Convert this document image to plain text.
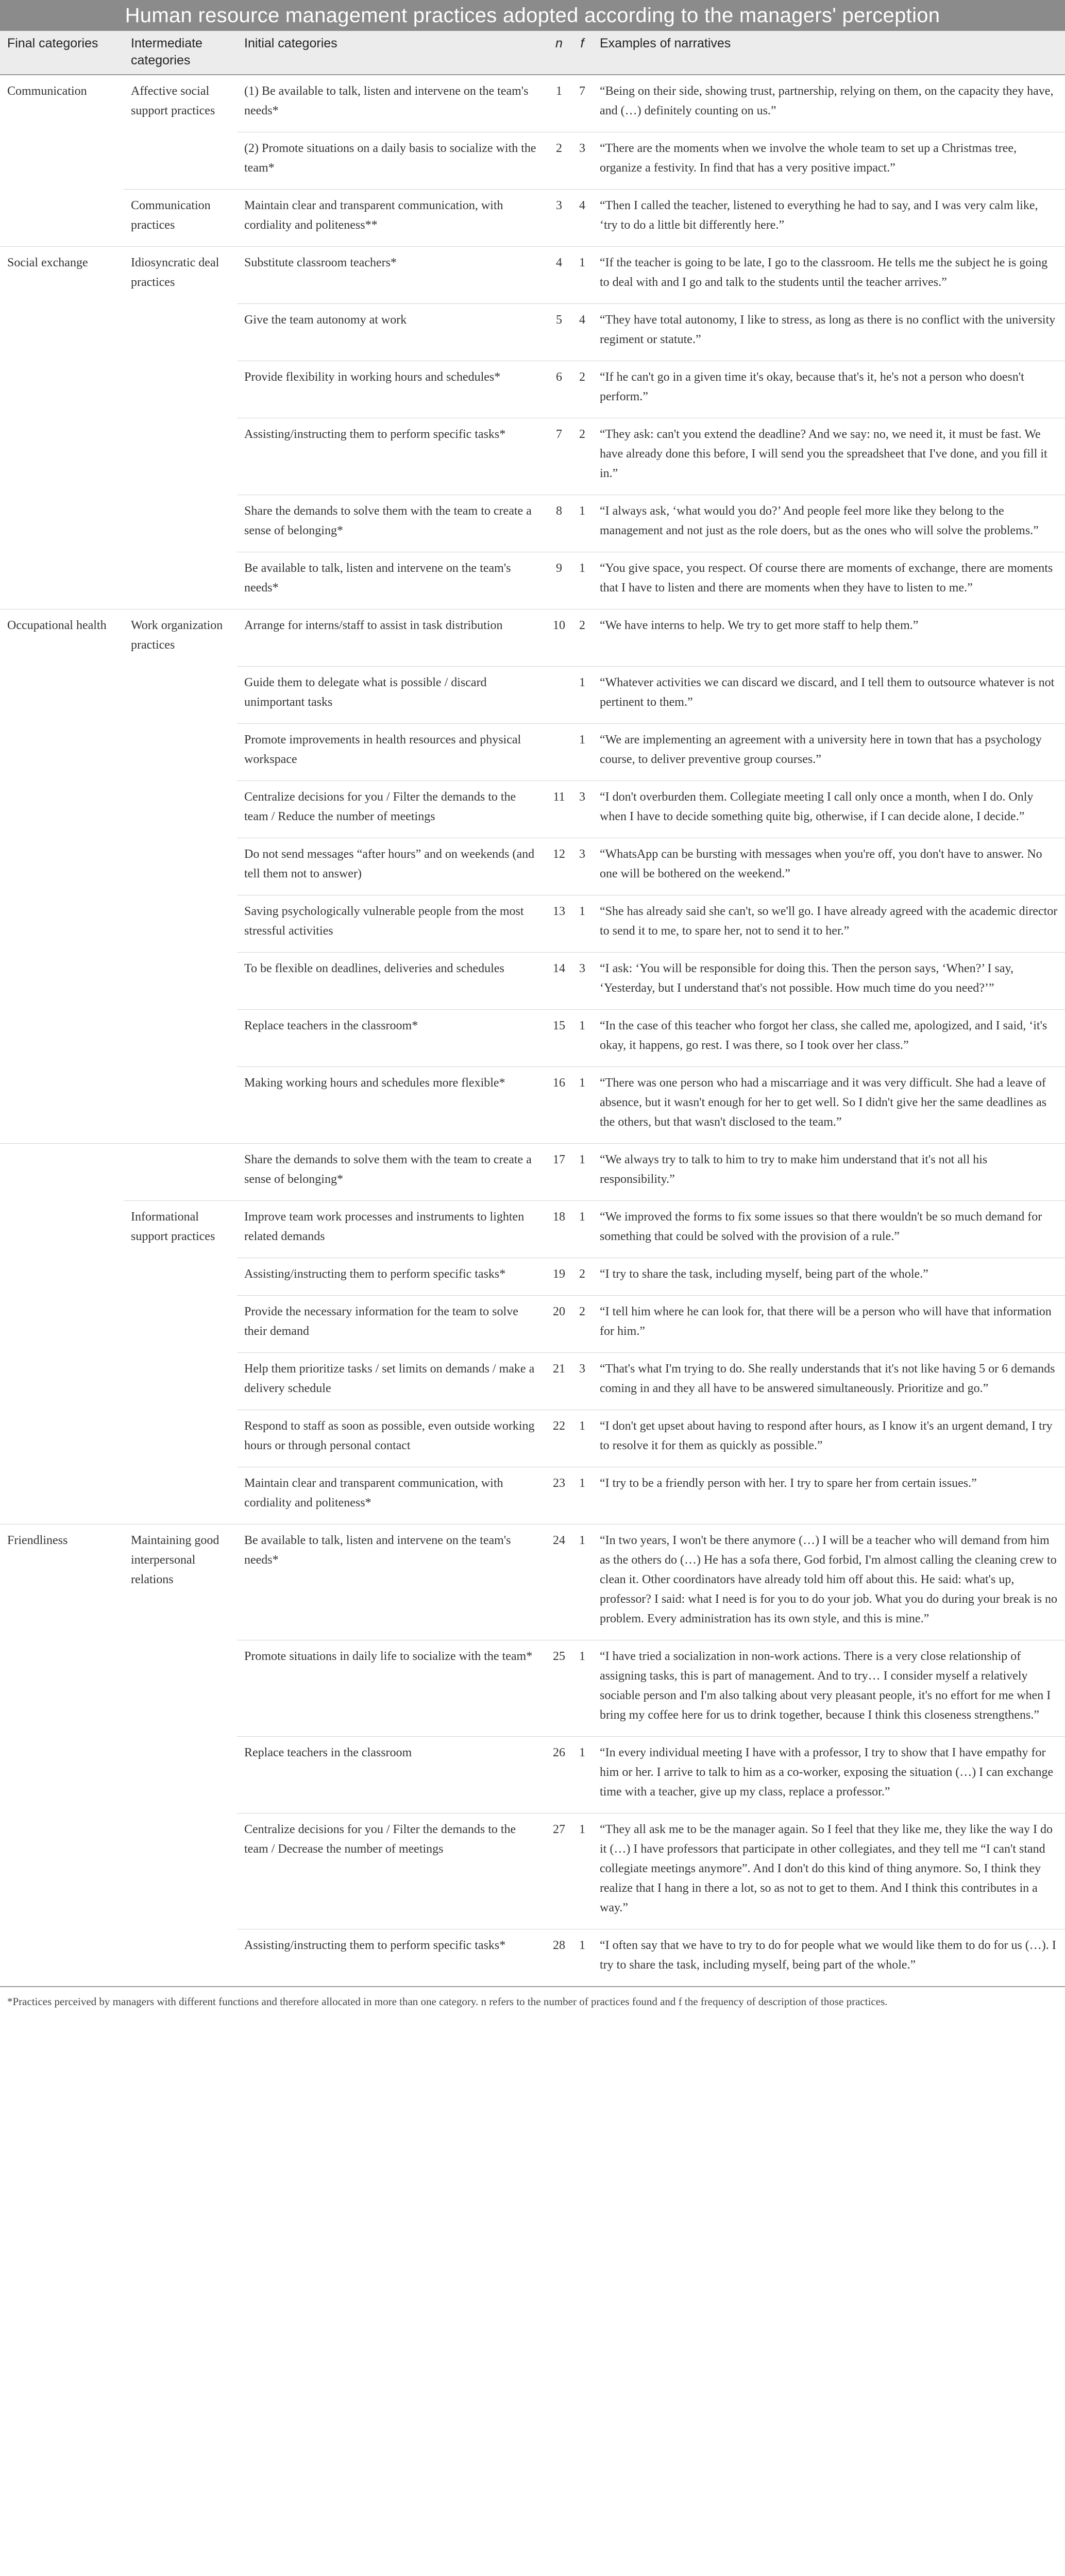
Human resource management practices adopted according to the managers' perception
Final categories	Intermediate categories	Initial categories	n	f	Examples of narratives
Communication	Affective social support practices	(1) Be available to talk, listen and intervene on the team's needs*	1	7	“Being on their side, showing trust, partnership, relying on them, on the capacity they have, and (…) definitely counting on us.”
		(2) Promote situations on a daily basis to socialize with the team*	2	3	“There are the moments when we involve the whole team to set up a Christmas tree, organize a festivity. In find that has a very positive impact.”
	Communication practices	Maintain clear and transparent communication, with cordiality and politeness**	3	4	“Then I called the teacher, listened to everything he had to say, and I was very calm like, ‘try to do a little bit differently here.”
Social exchange	Idiosyncratic deal practices	Substitute classroom teachers*	4	1	“If the teacher is going to be late, I go to the classroom. He tells me the subject he is going to deal with and I go and talk to the students until the teacher arrives.”
		Give the team autonomy at work	5	4	“They have total autonomy, I like to stress, as long as there is no conflict with the university regiment or statute.”
		Provide flexibility in working hours and schedules*	6	2	“If he can't go in a given time it's okay, because that's it, he's not a person who doesn't perform.”
		Assisting/instructing them to perform specific tasks*	7	2	“They ask: can't you extend the deadline? And we say: no, we need it, it must be fast. We have already done this before, I will send you the spreadsheet that I've done, and you fill it in.”
		Share the demands to solve them with the team to create a sense of belonging*	8	1	“I always ask, ‘what would you do?’ And people feel more like they belong to the management and not just as the role doers, but as the ones who will solve the problems.”
		Be available to talk, listen and intervene on the team's needs*	9	1	“You give space, you respect. Of course there are moments of exchange, there are moments that I have to listen and there are moments when they have to listen to me.”
Occupational health	Work organization practices	Arrange for interns/staff to assist in task distribution	10	2	“We have interns to help. We try to get more staff to help them.”
		Guide them to delegate what is possible / discard unimportant tasks		1	“Whatever activities we can discard we discard, and I tell them to outsource whatever is not pertinent to them.”
		Promote improvements in health resources and physical workspace		1	“We are implementing an agreement with a university here in town that has a psychology course, to deliver preventive group courses.”
		Centralize decisions for you / Filter the demands to the team / Reduce the number of meetings	11	3	“I don't overburden them. Collegiate meeting I call only once a month, when I do. Only when I have to decide something quite big, otherwise, if I can decide alone, I decide.”
		Do not send messages “after hours” and on weekends (and tell them not to answer)	12	3	“WhatsApp can be bursting with messages when you're off, you don't have to answer. No one will be bothered on the weekend.”
		Saving psychologically vulnerable people from the most stressful activities	13	1	“She has already said she can't, so we'll go. I have already agreed with the academic director to send it to me, to spare her, not to send it to her.”
		To be flexible on deadlines, deliveries and schedules	14	3	“I ask: ‘You will be responsible for doing this. Then the person says, ‘When?’ I say, ‘Yesterday, but I understand that's not possible. How much time do you need?’”
		Replace teachers in the classroom*	15	1	“In the case of this teacher who forgot her class, she called me, apologized, and I said, ‘it's okay, it happens, go rest. I was there, so I took over her class.”
		Making working hours and schedules more flexible*	16	1	“There was one person who had a miscarriage and it was very difficult. She had a leave of absence, but it wasn't enough for her to get well. So I didn't give her the same deadlines as the others, but that wasn't disclosed to the team.”
		Share the demands to solve them with the team to create a sense of belonging*	17	1	“We always try to talk to him to try to make him understand that it's not all his responsibility.”
	Informational support practices	Improve team work processes and instruments to lighten related demands	18	1	“We improved the forms to fix some issues so that there wouldn't be so much demand for something that could be solved with the provision of a rule.”
		Assisting/instructing them to perform specific tasks*	19	2	“I try to share the task, including myself, being part of the whole.”
		Provide the necessary information for the team to solve their demand	20	2	“I tell him where he can look for, that there will be a person who will have that information for him.”
		Help them prioritize tasks / set limits on demands / make a delivery schedule	21	3	“That's what I'm trying to do. She really understands that it's not like having 5 or 6 demands coming in and they all have to be answered simultaneously. Prioritize and go.”
		Respond to staff as soon as possible, even outside working hours or through personal contact	22	1	“I don't get upset about having to respond after hours, as I know it's an urgent demand, I try to resolve it for them as quickly as possible.”
		Maintain clear and transparent communication, with cordiality and politeness*	23	1	“I try to be a friendly person with her. I try to spare her from certain issues.”
Friendliness	Maintaining good interpersonal relations	Be available to talk, listen and intervene on the team's needs*	24	1	“In two years, I won't be there anymore (…) I will be a teacher who will demand from him as the others do (…) He has a sofa there, God forbid, I'm almost calling the cleaning crew to clean it. Other coordinators have already told him off about this. He said: what's up, professor? I said: what I need is for you to do your job. What you do during your break is no problem. Every administration has its own style, and this is mine.”
		Promote situations in daily life to socialize with the team*	25	1	“I have tried a socialization in non-work actions. There is a very close relationship of assigning tasks, this is part of management. And to try… I consider myself a relatively sociable person and I'm also talking about very pleasant people, it's no effort for me when I bring my coffee here for us to drink together, because I think this closeness strengthens.”
		Replace teachers in the classroom	26	1	“In every individual meeting I have with a professor, I try to show that I have empathy for him or her. I arrive to talk to him as a co-worker, exposing the situation (…) I can exchange time with a teacher, give up my class, replace a professor.”
		Centralize decisions for you / Filter the demands to the team / Decrease the number of meetings	27	1	“They all ask me to be the manager again. So I feel that they like me, they like the way I do it (…) I have professors that participate in other collegiates, and they tell me “I can't stand collegiate meetings anymore”. And I don't do this kind of thing anymore. So, I think they realize that I hang in there a lot, so as not to get to them. And I think this contributes in a way.”
		Assisting/instructing them to perform specific tasks*	28	1	“I often say that we have to try to do for people what we would like them to do for us (…). I try to share the task, including myself, being part of the whole.”
*Practices perceived by managers with different functions and therefore allocated in more than one category. n refers to the number of practices found and f the frequency of description of those practices.
